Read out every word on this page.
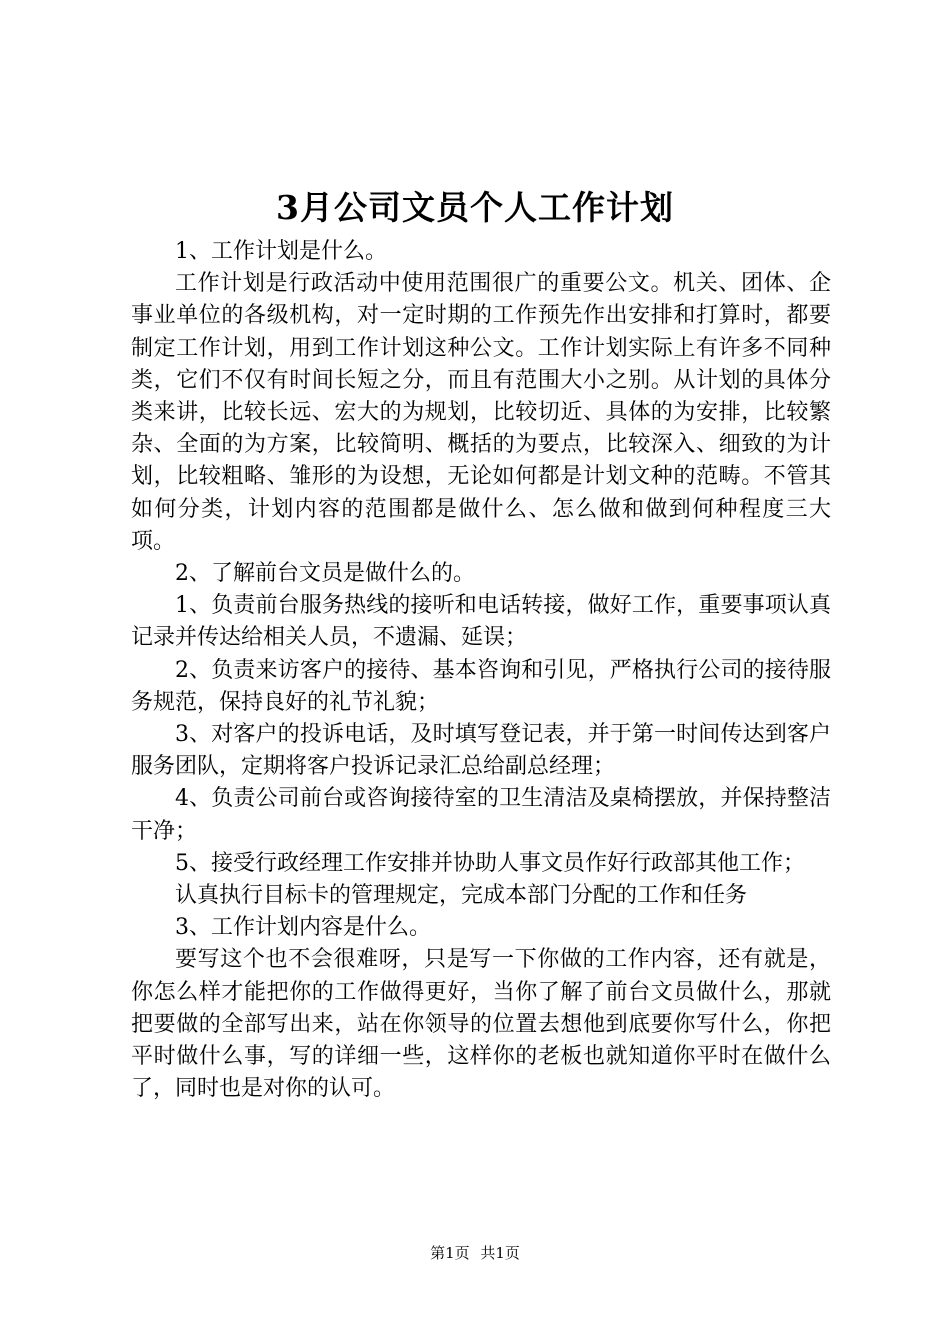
3月公司文员个人工作计划

1、工作计划是什么。

工作计划是行政活动中使用范围很广的重要公文。机关、团体、企事业单位的各级机构，对一定时期的工作预先作出安排和打算时，都要制定工作计划，用到工作计划这种公文。工作计划实际上有许多不同种类，它们不仅有时间长短之分，而且有范围大小之别。从计划的具体分类来讲，比较长远、宏大的为规划，比较切近、具体的为安排，比较繁杂、全面的为方案，比较简明、概括的为要点，比较深入、细致的为计划，比较粗略、雏形的为设想，无论如何都是计划文种的范畴。不管其如何分类，计划内容的范围都是做什么、怎么做和做到何种程度三大项。

2、了解前台文员是做什么的。

1、负责前台服务热线的接听和电话转接，做好工作，重要事项认真记录并传达给相关人员，不遗漏、延误；

2、负责来访客户的接待、基本咨询和引见，严格执行公司的接待服务规范，保持良好的礼节礼貌；

3、对客户的投诉电话，及时填写登记表，并于第一时间传达到客户服务团队，定期将客户投诉记录汇总给副总经理；

4、负责公司前台或咨询接待室的卫生清洁及桌椅摆放，并保持整洁干净；

5、接受行政经理工作安排并协助人事文员作好行政部其他工作；

认真执行目标卡的管理规定，完成本部门分配的工作和任务

3、工作计划内容是什么。

要写这个也不会很难呀，只是写一下你做的工作内容，还有就是，你怎么样才能把你的工作做得更好，当你了解了前台文员做什么，那就把要做的全部写出来，站在你领导的位置去想他到底要你写什么，你把平时做什么事，写的详细一些，这样你的老板也就知道你平时在做什么了，同时也是对你的认可。

第1页 共1页
